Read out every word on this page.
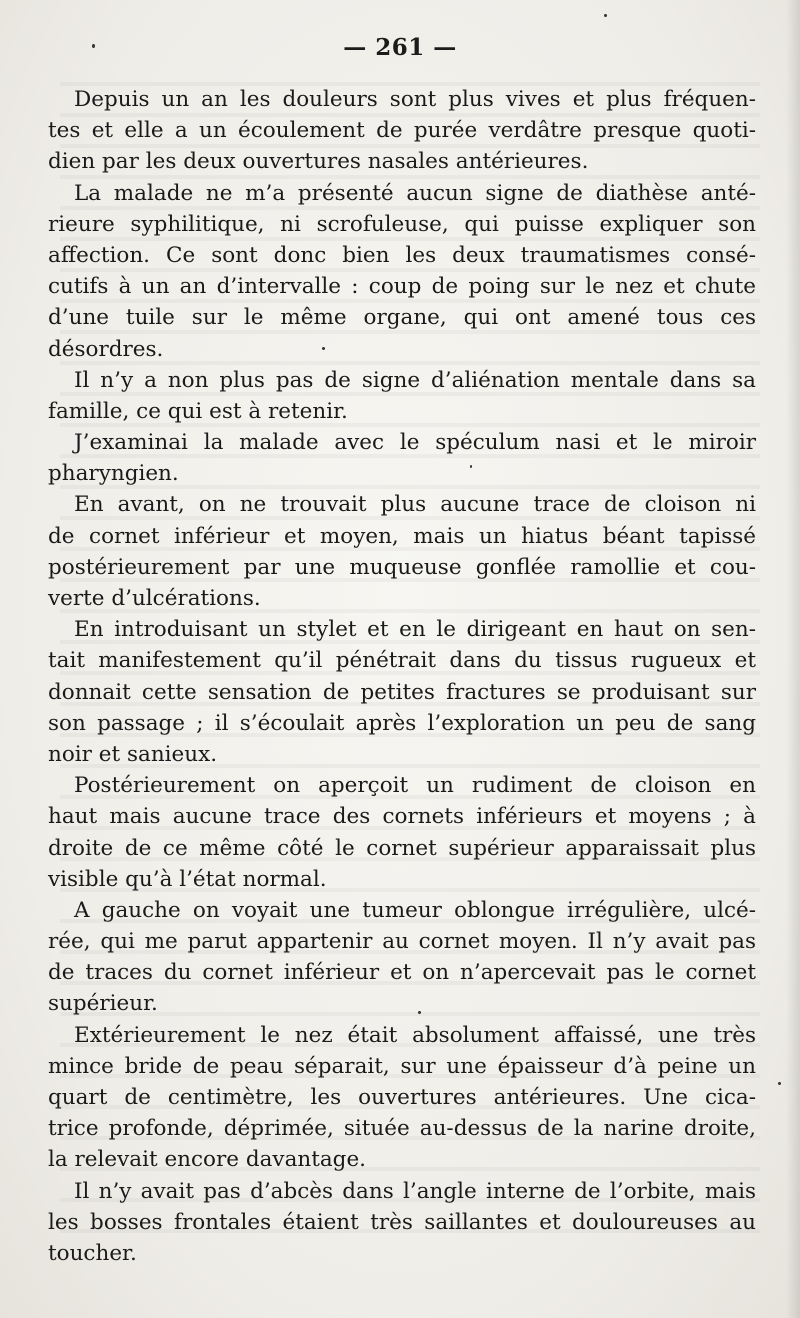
— 261 —
Depuis un an les douleurs sont plus vives et plus fréquen-
tes et elle a un écoulement de purée verdâtre presque quoti-
dien par les deux ouvertures nasales antérieures.
La malade ne m’a présenté aucun signe de diathèse anté-
rieure syphilitique, ni scrofuleuse, qui puisse expliquer son
affection. Ce sont donc bien les deux traumatismes consé-
cutifs à un an d’intervalle : coup de poing sur le nez et chute
d’une tuile sur le même organe, qui ont amené tous ces
désordres.
Il n’y a non plus pas de signe d’aliénation mentale dans sa
famille, ce qui est à retenir.
J’examinai la malade avec le spéculum nasi et le miroir
pharyngien.
En avant, on ne trouvait plus aucune trace de cloison ni
de cornet inférieur et moyen, mais un hiatus béant tapissé
postérieurement par une muqueuse gonflée ramollie et cou-
verte d’ulcérations.
En introduisant un stylet et en le dirigeant en haut on sen-
tait manifestement qu’il pénétrait dans du tissus rugueux et
donnait cette sensation de petites fractures se produisant sur
son passage ; il s’écoulait après l’exploration un peu de sang
noir et sanieux.
Postérieurement on aperçoit un rudiment de cloison en
haut mais aucune trace des cornets inférieurs et moyens ; à
droite de ce même côté le cornet supérieur apparaissait plus
visible qu’à l’état normal.
A gauche on voyait une tumeur oblongue irrégulière, ulcé-
rée, qui me parut appartenir au cornet moyen. Il n’y avait pas
de traces du cornet inférieur et on n’apercevait pas le cornet
supérieur.
Extérieurement le nez était absolument affaissé, une très
mince bride de peau séparait, sur une épaisseur d’à peine un
quart de centimètre, les ouvertures antérieures. Une cica-
trice profonde, déprimée, située au-dessus de la narine droite,
la relevait encore davantage.
Il n’y avait pas d’abcès dans l’angle interne de l’orbite, mais
les bosses frontales étaient très saillantes et douloureuses au
toucher.
